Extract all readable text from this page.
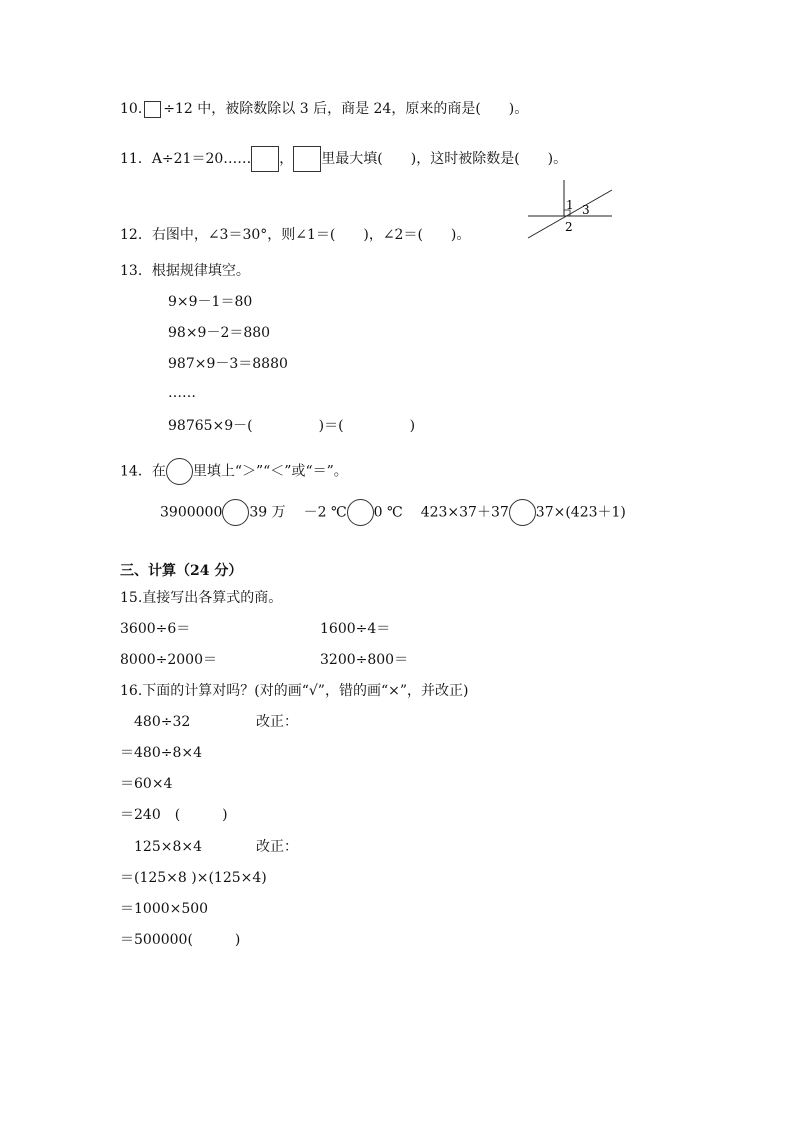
10. ÷12 中，被除数除以 3 后，商是 24，原来的商是(　　)。
11．A÷21＝20…… ， 里最大填(　　)，这时被除数是(　　)。
12．右图中，∠3＝30°，则∠1＝(　　)，∠2＝(　　)。
1 3
2
13．根据规律填空。
9×9－1＝80
98×9－2＝880
987×9－3＝8880
……
98765×9－(	)＝(	)
14．在 里填上“＞”“＜”或“＝”。
3900000 39 万 －2 ℃ 0 ℃ 423×37＋37 37×(423＋1)
三、计算（24 分）
15.直接写出各算式的商。
3600÷6＝	1600÷4＝
8000÷2000＝	3200÷800＝
16.下面的计算对吗？(对的画“√”，错的画“×”，并改正)
480÷32	改正：
＝480÷8×4
＝60×4
＝240　(　　　)
125×8×4	改正：
＝(125×8 )×(125×4)
＝1000×500
＝500000(　　　)
